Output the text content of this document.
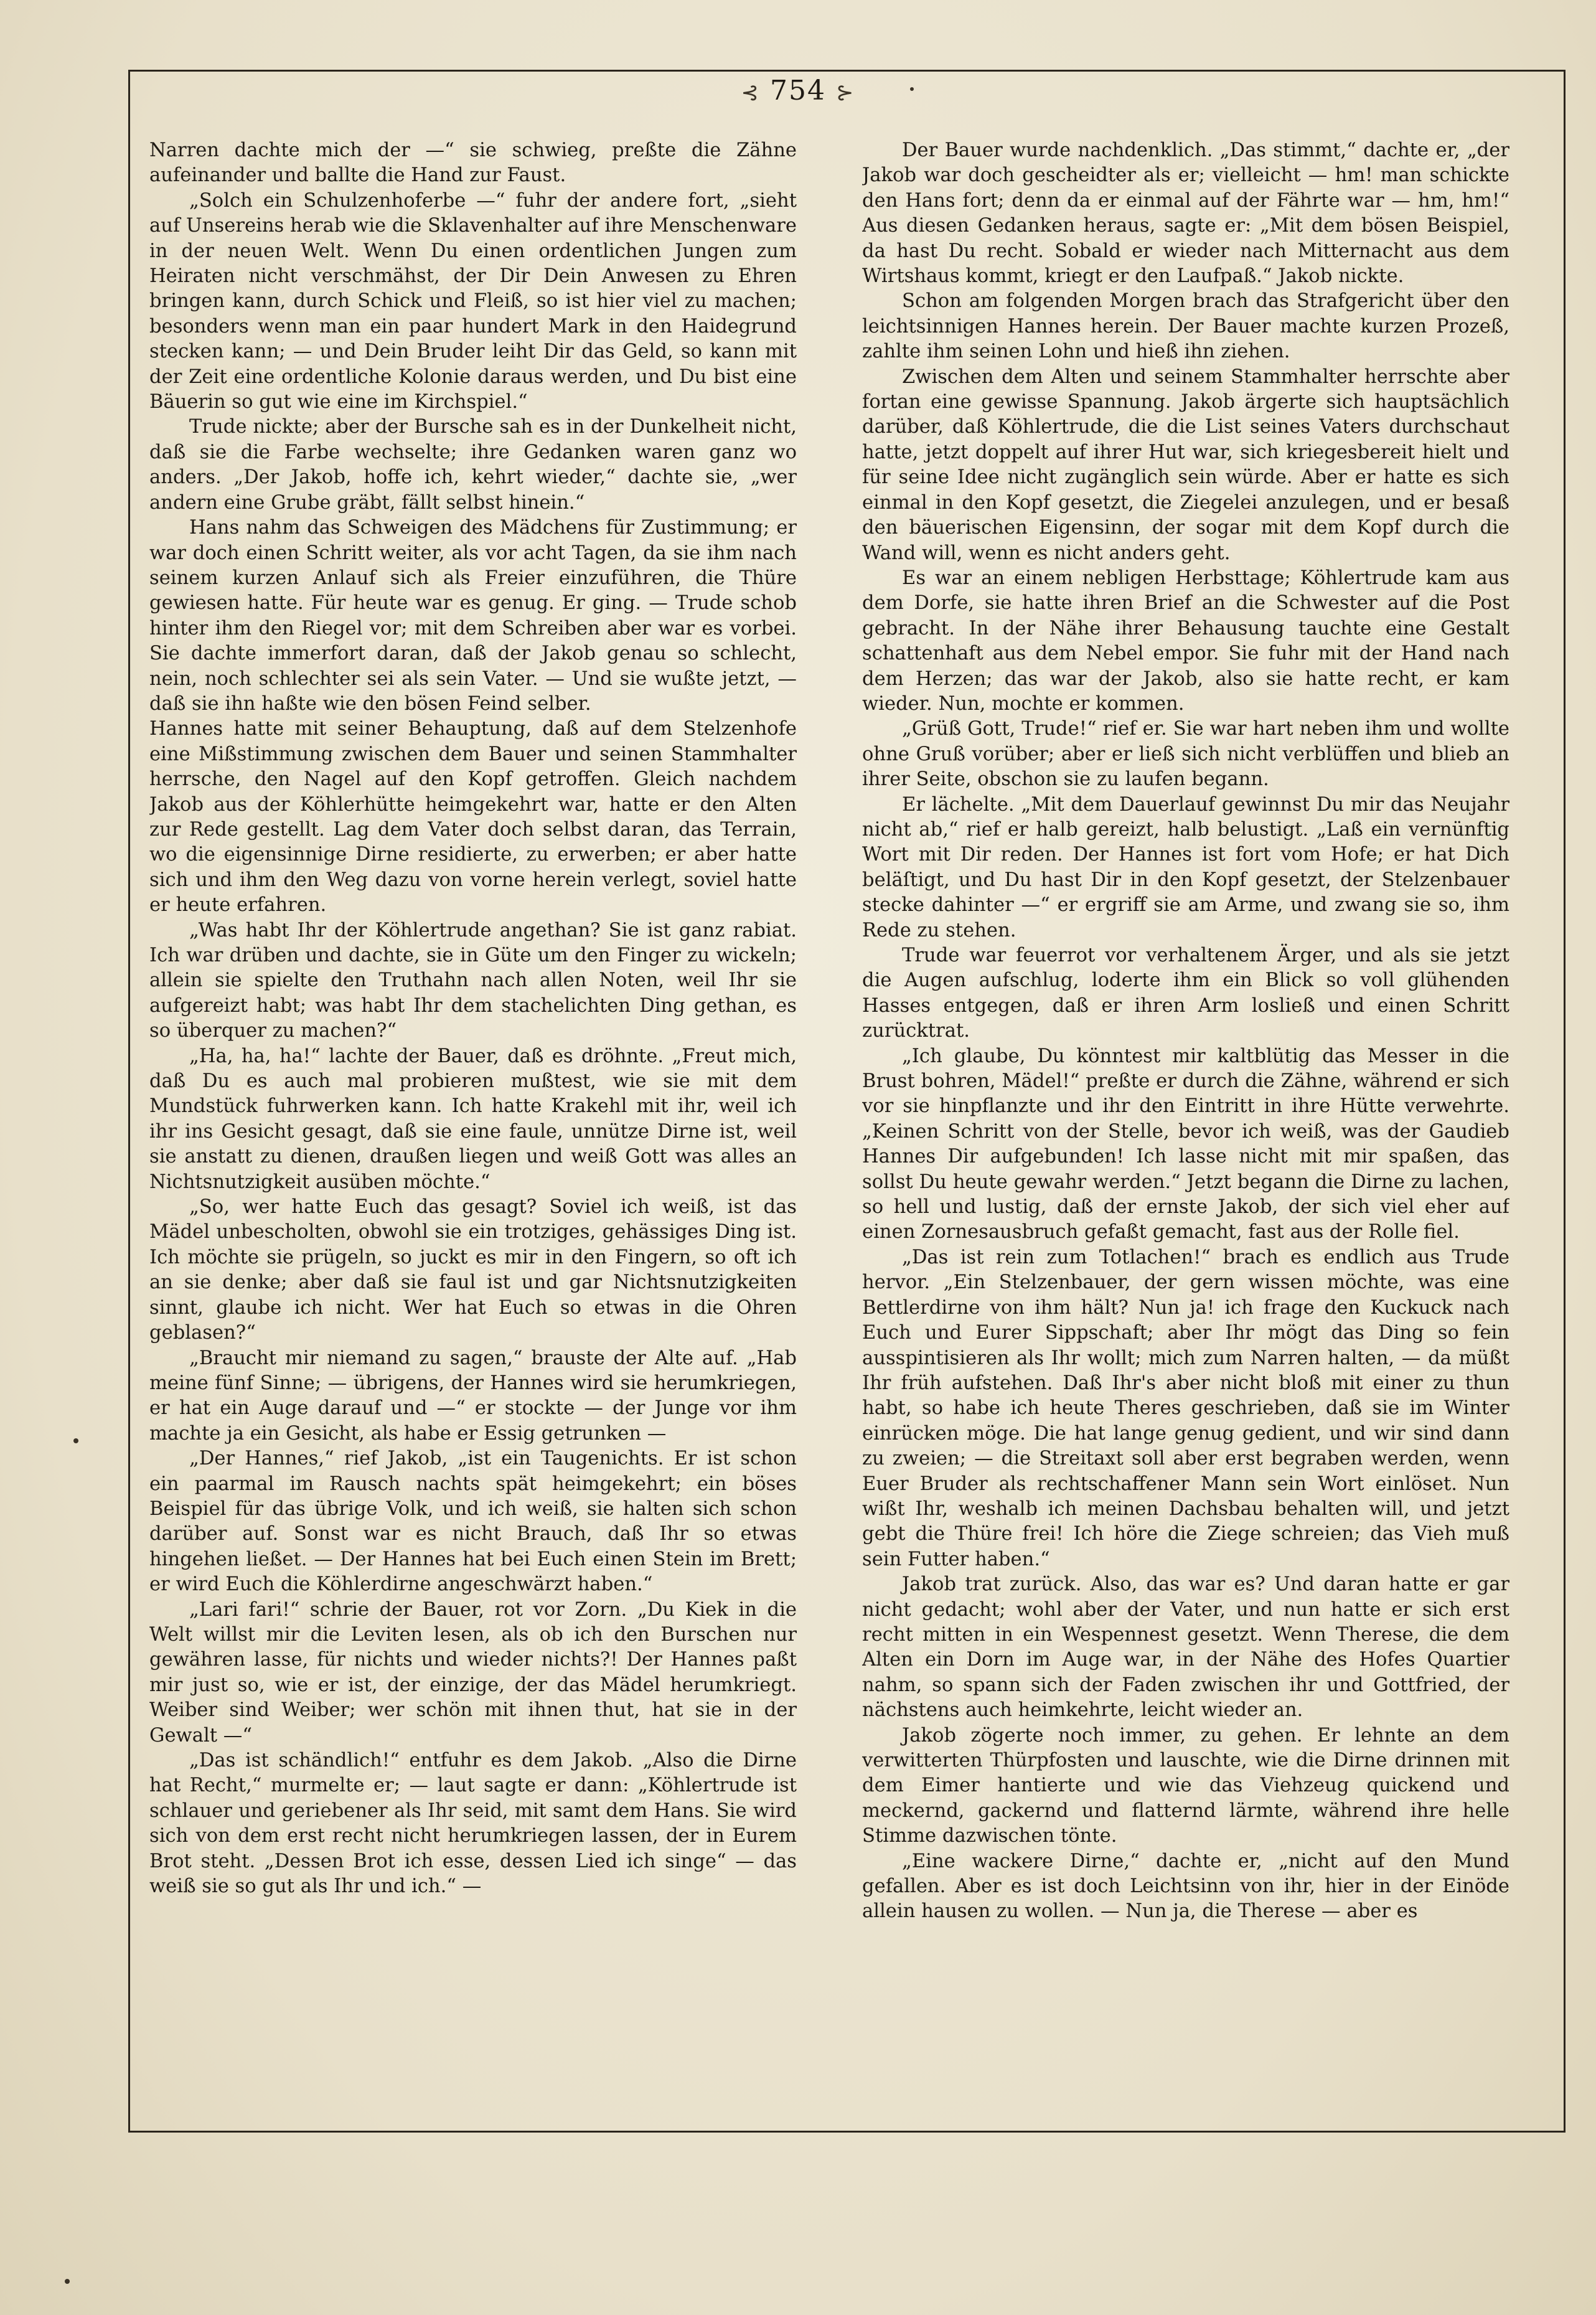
⊰ 754 ⊱

Narren dachte mich der —“ sie schwieg, preßte die Zähne aufeinander und ballte die Hand zur Faust.

„Solch ein Schulzenhoferbe —“ fuhr der andere fort, „sieht auf Unsereins herab wie die Sklavenhalter auf ihre Menschenware in der neuen Welt. Wenn Du einen ordentlichen Jungen zum Heiraten nicht verschmähst, der Dir Dein Anwesen zu Ehren bringen kann, durch Schick und Fleiß, so ist hier viel zu machen; besonders wenn man ein paar hundert Mark in den Haidegrund stecken kann; — und Dein Bruder leiht Dir das Geld, so kann mit der Zeit eine ordentliche Kolonie daraus werden, und Du bist eine Bäuerin so gut wie eine im Kirchspiel.“

Trude nickte; aber der Bursche sah es in der Dunkelheit nicht, daß sie die Farbe wechselte; ihre Gedanken waren ganz wo anders. „Der Jakob, hoffe ich, kehrt wieder,“ dachte sie, „wer andern eine Grube gräbt, fällt selbst hinein.“

Hans nahm das Schweigen des Mädchens für Zustimmung; er war doch einen Schritt weiter, als vor acht Tagen, da sie ihm nach seinem kurzen Anlauf sich als Freier einzuführen, die Thüre gewiesen hatte. Für heute war es genug. Er ging. — Trude schob hinter ihm den Riegel vor; mit dem Schreiben aber war es vorbei. Sie dachte immerfort daran, daß der Jakob genau so schlecht, nein, noch schlechter sei als sein Vater. — Und sie wußte jetzt, — daß sie ihn haßte wie den bösen Feind selber.

Hannes hatte mit seiner Behauptung, daß auf dem Stelzenhofe eine Mißstimmung zwischen dem Bauer und seinen Stammhalter herrsche, den Nagel auf den Kopf getroffen. Gleich nachdem Jakob aus der Köhlerhütte heimgekehrt war, hatte er den Alten zur Rede gestellt. Lag dem Vater doch selbst daran, das Terrain, wo die eigensinnige Dirne residierte, zu erwerben; er aber hatte sich und ihm den Weg dazu von vorne herein verlegt, soviel hatte er heute erfahren.

„Was habt Ihr der Köhlertrude angethan? Sie ist ganz rabiat. Ich war drüben und dachte, sie in Güte um den Finger zu wickeln; allein sie spielte den Truthahn nach allen Noten, weil Ihr sie aufgereizt habt; was habt Ihr dem stachelichten Ding gethan, es so überquer zu machen?“

„Ha, ha, ha!“ lachte der Bauer, daß es dröhnte. „Freut mich, daß Du es auch mal probieren mußtest, wie sie mit dem Mundstück fuhrwerken kann. Ich hatte Krakehl mit ihr, weil ich ihr ins Gesicht gesagt, daß sie eine faule, unnütze Dirne ist, weil sie anstatt zu dienen, draußen liegen und weiß Gott was alles an Nichtsnutzigkeit ausüben möchte.“

„So, wer hatte Euch das gesagt? Soviel ich weiß, ist das Mädel unbescholten, obwohl sie ein trotziges, gehässiges Ding ist. Ich möchte sie prügeln, so juckt es mir in den Fingern, so oft ich an sie denke; aber daß sie faul ist und gar Nichtsnutzigkeiten sinnt, glaube ich nicht. Wer hat Euch so etwas in die Ohren geblasen?“

„Braucht mir niemand zu sagen,“ brauste der Alte auf. „Hab meine fünf Sinne; — übrigens, der Hannes wird sie herumkriegen, er hat ein Auge darauf und —“ er stockte — der Junge vor ihm machte ja ein Gesicht, als habe er Essig getrunken —

„Der Hannes,“ rief Jakob, „ist ein Taugenichts. Er ist schon ein paarmal im Rausch nachts spät heimgekehrt; ein böses Beispiel für das übrige Volk, und ich weiß, sie halten sich schon darüber auf. Sonst war es nicht Brauch, daß Ihr so etwas hingehen ließet. — Der Hannes hat bei Euch einen Stein im Brett; er wird Euch die Köhlerdirne angeschwärzt haben.“

„Lari fari!“ schrie der Bauer, rot vor Zorn. „Du Kiek in die Welt willst mir die Leviten lesen, als ob ich den Burschen nur gewähren lasse, für nichts und wieder nichts?! Der Hannes paßt mir just so, wie er ist, der einzige, der das Mädel herumkriegt. Weiber sind Weiber; wer schön mit ihnen thut, hat sie in der Gewalt —“

„Das ist schändlich!“ entfuhr es dem Jakob. „Also die Dirne hat Recht,“ murmelte er; — laut sagte er dann: „Köhlertrude ist schlauer und geriebener als Ihr seid, mit samt dem Hans. Sie wird sich von dem erst recht nicht herumkriegen lassen, der in Eurem Brot steht. „Dessen Brot ich esse, dessen Lied ich singe“ — das weiß sie so gut als Ihr und ich.“ —

Der Bauer wurde nachdenklich. „Das stimmt,“ dachte er, „der Jakob war doch gescheidter als er; vielleicht — hm! man schickte den Hans fort; denn da er einmal auf der Fährte war — hm, hm!“ Aus diesen Gedanken heraus, sagte er: „Mit dem bösen Beispiel, da hast Du recht. Sobald er wieder nach Mitternacht aus dem Wirtshaus kommt, kriegt er den Laufpaß.“ Jakob nickte.

Schon am folgenden Morgen brach das Strafgericht über den leichtsinnigen Hannes herein. Der Bauer machte kurzen Prozeß, zahlte ihm seinen Lohn und hieß ihn ziehen.

Zwischen dem Alten und seinem Stammhalter herrschte aber fortan eine gewisse Spannung. Jakob ärgerte sich hauptsächlich darüber, daß Köhlertrude, die die List seines Vaters durchschaut hatte, jetzt doppelt auf ihrer Hut war, sich kriegesbereit hielt und für seine Idee nicht zugänglich sein würde. Aber er hatte es sich einmal in den Kopf gesetzt, die Ziegelei anzulegen, und er besaß den bäuerischen Eigensinn, der sogar mit dem Kopf durch die Wand will, wenn es nicht anders geht.

Es war an einem nebligen Herbsttage; Köhlertrude kam aus dem Dorfe, sie hatte ihren Brief an die Schwester auf die Post gebracht. In der Nähe ihrer Behausung tauchte eine Gestalt schattenhaft aus dem Nebel empor. Sie fuhr mit der Hand nach dem Herzen; das war der Jakob, also sie hatte recht, er kam wieder. Nun, mochte er kommen.

„Grüß Gott, Trude!“ rief er. Sie war hart neben ihm und wollte ohne Gruß vorüber; aber er ließ sich nicht verblüffen und blieb an ihrer Seite, obschon sie zu laufen begann.

Er lächelte. „Mit dem Dauerlauf gewinnst Du mir das Neujahr nicht ab,“ rief er halb gereizt, halb belustigt. „Laß ein vernünftig Wort mit Dir reden. Der Hannes ist fort vom Hofe; er hat Dich beläſtigt, und Du hast Dir in den Kopf gesetzt, der Stelzenbauer stecke dahinter —“ er ergriff sie am Arme, und zwang sie so, ihm Rede zu stehen.

Trude war feuerrot vor verhaltenem Ärger, und als sie jetzt die Augen aufschlug, loderte ihm ein Blick so voll glühenden Hasses entgegen, daß er ihren Arm losließ und einen Schritt zurücktrat.

„Ich glaube, Du könntest mir kaltblütig das Messer in die Brust bohren, Mädel!“ preßte er durch die Zähne, während er sich vor sie hinpflanzte und ihr den Eintritt in ihre Hütte verwehrte. „Keinen Schritt von der Stelle, bevor ich weiß, was der Gaudieb Hannes Dir aufgebunden! Ich lasse nicht mit mir spaßen, das sollst Du heute gewahr werden.“ Jetzt begann die Dirne zu lachen, so hell und lustig, daß der ernste Jakob, der sich viel eher auf einen Zornesausbruch gefaßt gemacht, fast aus der Rolle fiel.

„Das ist rein zum Totlachen!“ brach es endlich aus Trude hervor. „Ein Stelzenbauer, der gern wissen möchte, was eine Bettlerdirne von ihm hält? Nun ja! ich frage den Kuckuck nach Euch und Eurer Sippschaft; aber Ihr mögt das Ding so fein ausspintisieren als Ihr wollt; mich zum Narren halten, — da müßt Ihr früh aufstehen. Daß Ihr's aber nicht bloß mit einer zu thun habt, so habe ich heute Theres geschrieben, daß sie im Winter einrücken möge. Die hat lange genug gedient, und wir sind dann zu zweien; — die Streitaxt soll aber erst begraben werden, wenn Euer Bruder als rechtschaffener Mann sein Wort einlöset. Nun wißt Ihr, weshalb ich meinen Dachsbau behalten will, und jetzt gebt die Thüre frei! Ich höre die Ziege schreien; das Vieh muß sein Futter haben.“

Jakob trat zurück. Also, das war es? Und daran hatte er gar nicht gedacht; wohl aber der Vater, und nun hatte er sich erst recht mitten in ein Wespennest gesetzt. Wenn Therese, die dem Alten ein Dorn im Auge war, in der Nähe des Hofes Quartier nahm, so spann sich der Faden zwischen ihr und Gottfried, der nächstens auch heimkehrte, leicht wieder an.

Jakob zögerte noch immer, zu gehen. Er lehnte an dem verwitterten Thürpfosten und lauschte, wie die Dirne drinnen mit dem Eimer hantierte und wie das Viehzeug quickend und meckernd, gackernd und flatternd lärmte, während ihre helle Stimme dazwischen tönte.

„Eine wackere Dirne,“ dachte er, „nicht auf den Mund gefallen. Aber es ist doch Leichtsinn von ihr, hier in der Einöde allein hausen zu wollen. — Nun ja, die Therese — aber es
